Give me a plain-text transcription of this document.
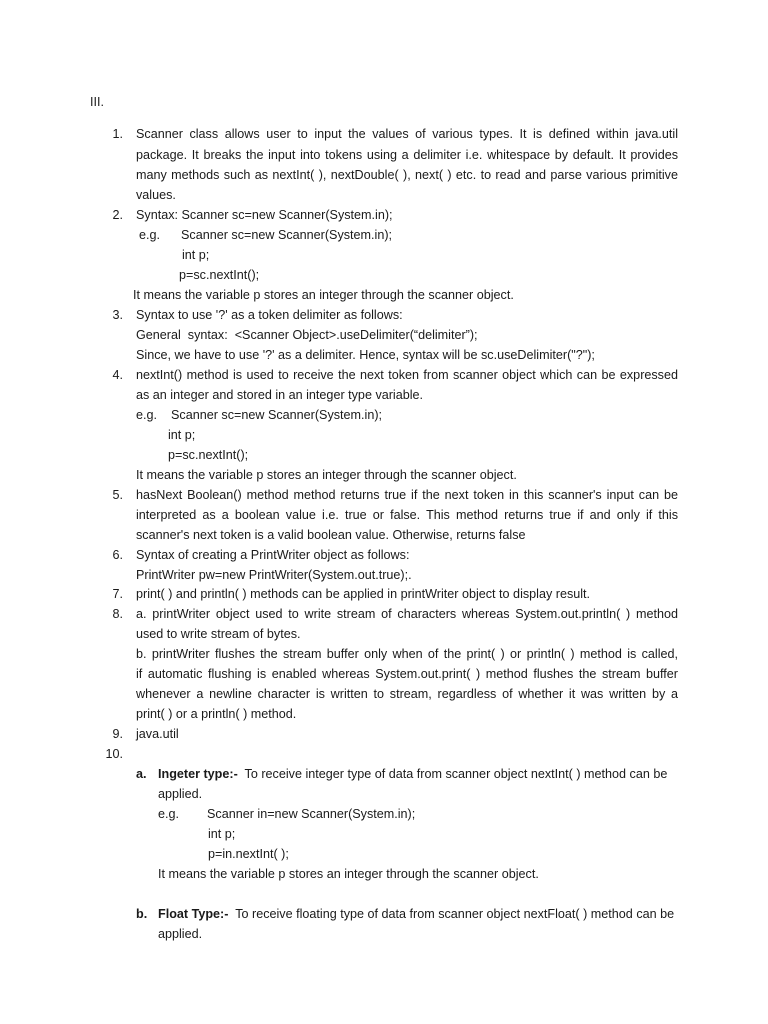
III.
1. Scanner class allows user to input the values of various types. It is defined within java.util
package. It breaks the input into tokens using a delimiter i.e. whitespace by default. It provides
many methods such as nextInt( ), nextDouble( ), next( ) etc. to read and parse various primitive
values.
2. Syntax: Scanner sc=new Scanner(System.in);
e.g.      Scanner sc=new Scanner(System.in);
int p;
p=sc.nextInt();
It means the variable p stores an integer through the scanner object.
3. Syntax to use '?' as a token delimiter as follows:
General  syntax:  <Scanner Object>.useDelimiter(“delimiter”);
Since, we have to use '?' as a delimiter. Hence, syntax will be sc.useDelimiter("?");
4. nextInt() method is used to receive the next token from scanner object which can be expressed
as an integer and stored in an integer type variable.
e.g.    Scanner sc=new Scanner(System.in);
int p;
p=sc.nextInt();
It means the variable p stores an integer through the scanner object.
5. hasNext Boolean() method method returns true if the next token in this scanner's input can be
interpreted as a boolean value i.e. true or false. This method returns true if and only if this
scanner's next token is a valid boolean value. Otherwise, returns false
6. Syntax of creating a PrintWriter object as follows:
PrintWriter pw=new PrintWriter(System.out.true);.
7. print( ) and println( ) methods can be applied in printWriter object to display result.
8. a. printWriter object used to write stream of characters whereas System.out.println( ) method
used to write stream of bytes.
b. printWriter flushes the stream buffer only when of the print( ) or println( ) method is called,
if automatic flushing is enabled whereas System.out.print( ) method flushes the stream buffer
whenever a newline character is written to stream, regardless of whether it was written by a
print( ) or a println( ) method.
9. java.util
10.
a. Ingeter type:-  To receive integer type of data from scanner object nextInt( ) method can be
applied.
e.g.        Scanner in=new Scanner(System.in);
int p;
p=in.nextInt( );
It means the variable p stores an integer through the scanner object.
b. Float Type:-  To receive floating type of data from scanner object nextFloat( ) method can be
applied.
